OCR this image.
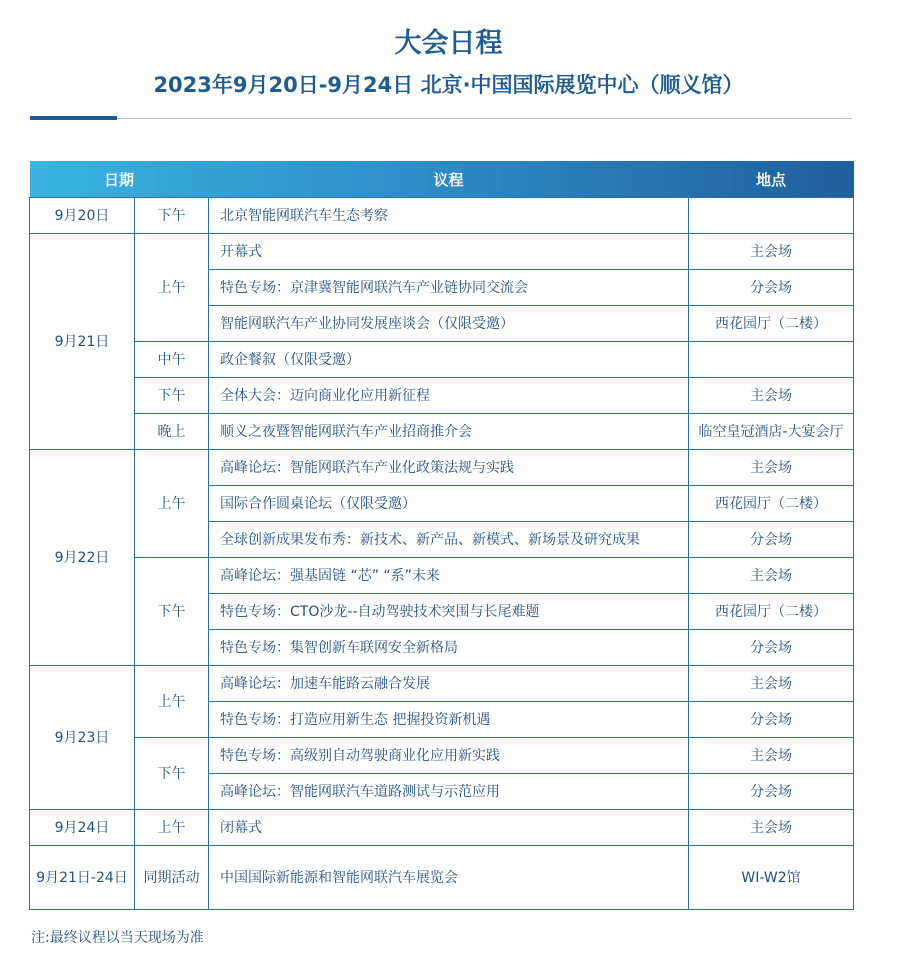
大会日程
2023年9月20日-9月24日 北京·中国国际展览中心（顺义馆）
日期		议程	地点
9月20日	下午	北京智能网联汽车生态考察	
9月21日	上午	开幕式	主会场
		特色专场：京津冀智能网联汽车产业链协同交流会	分会场
		智能网联汽车产业协同发展座谈会（仅限受邀）	西花园厅（二楼）
	中午	政企餐叙（仅限受邀）	
	下午	全体大会：迈向商业化应用新征程	主会场
	晚上	顺义之夜暨智能网联汽车产业招商推介会	临空皇冠酒店-大宴会厅
9月22日	上午	高峰论坛：智能网联汽车产业化政策法规与实践	主会场
		国际合作圆桌论坛（仅限受邀）	西花园厅（二楼）
		全球创新成果发布秀：新技术、新产品、新模式、新场景及研究成果	分会场
	下午	高峰论坛：强基固链 “芯” “系”未来	主会场
		特色专场：CTO沙龙--自动驾驶技术突围与长尾难题	西花园厅（二楼）
		特色专场：集智创新车联网安全新格局	分会场
9月23日	上午	高峰论坛：加速车能路云融合发展	主会场
		特色专场：打造应用新生态 把握投资新机遇	分会场
	下午	特色专场：高级别自动驾驶商业化应用新实践	主会场
		高峰论坛：智能网联汽车道路测试与示范应用	分会场
9月24日	上午	闭幕式	主会场
9月21日-24日	同期活动	中国国际新能源和智能网联汽车展览会	WI-W2馆
注:最终议程以当天现场为准
